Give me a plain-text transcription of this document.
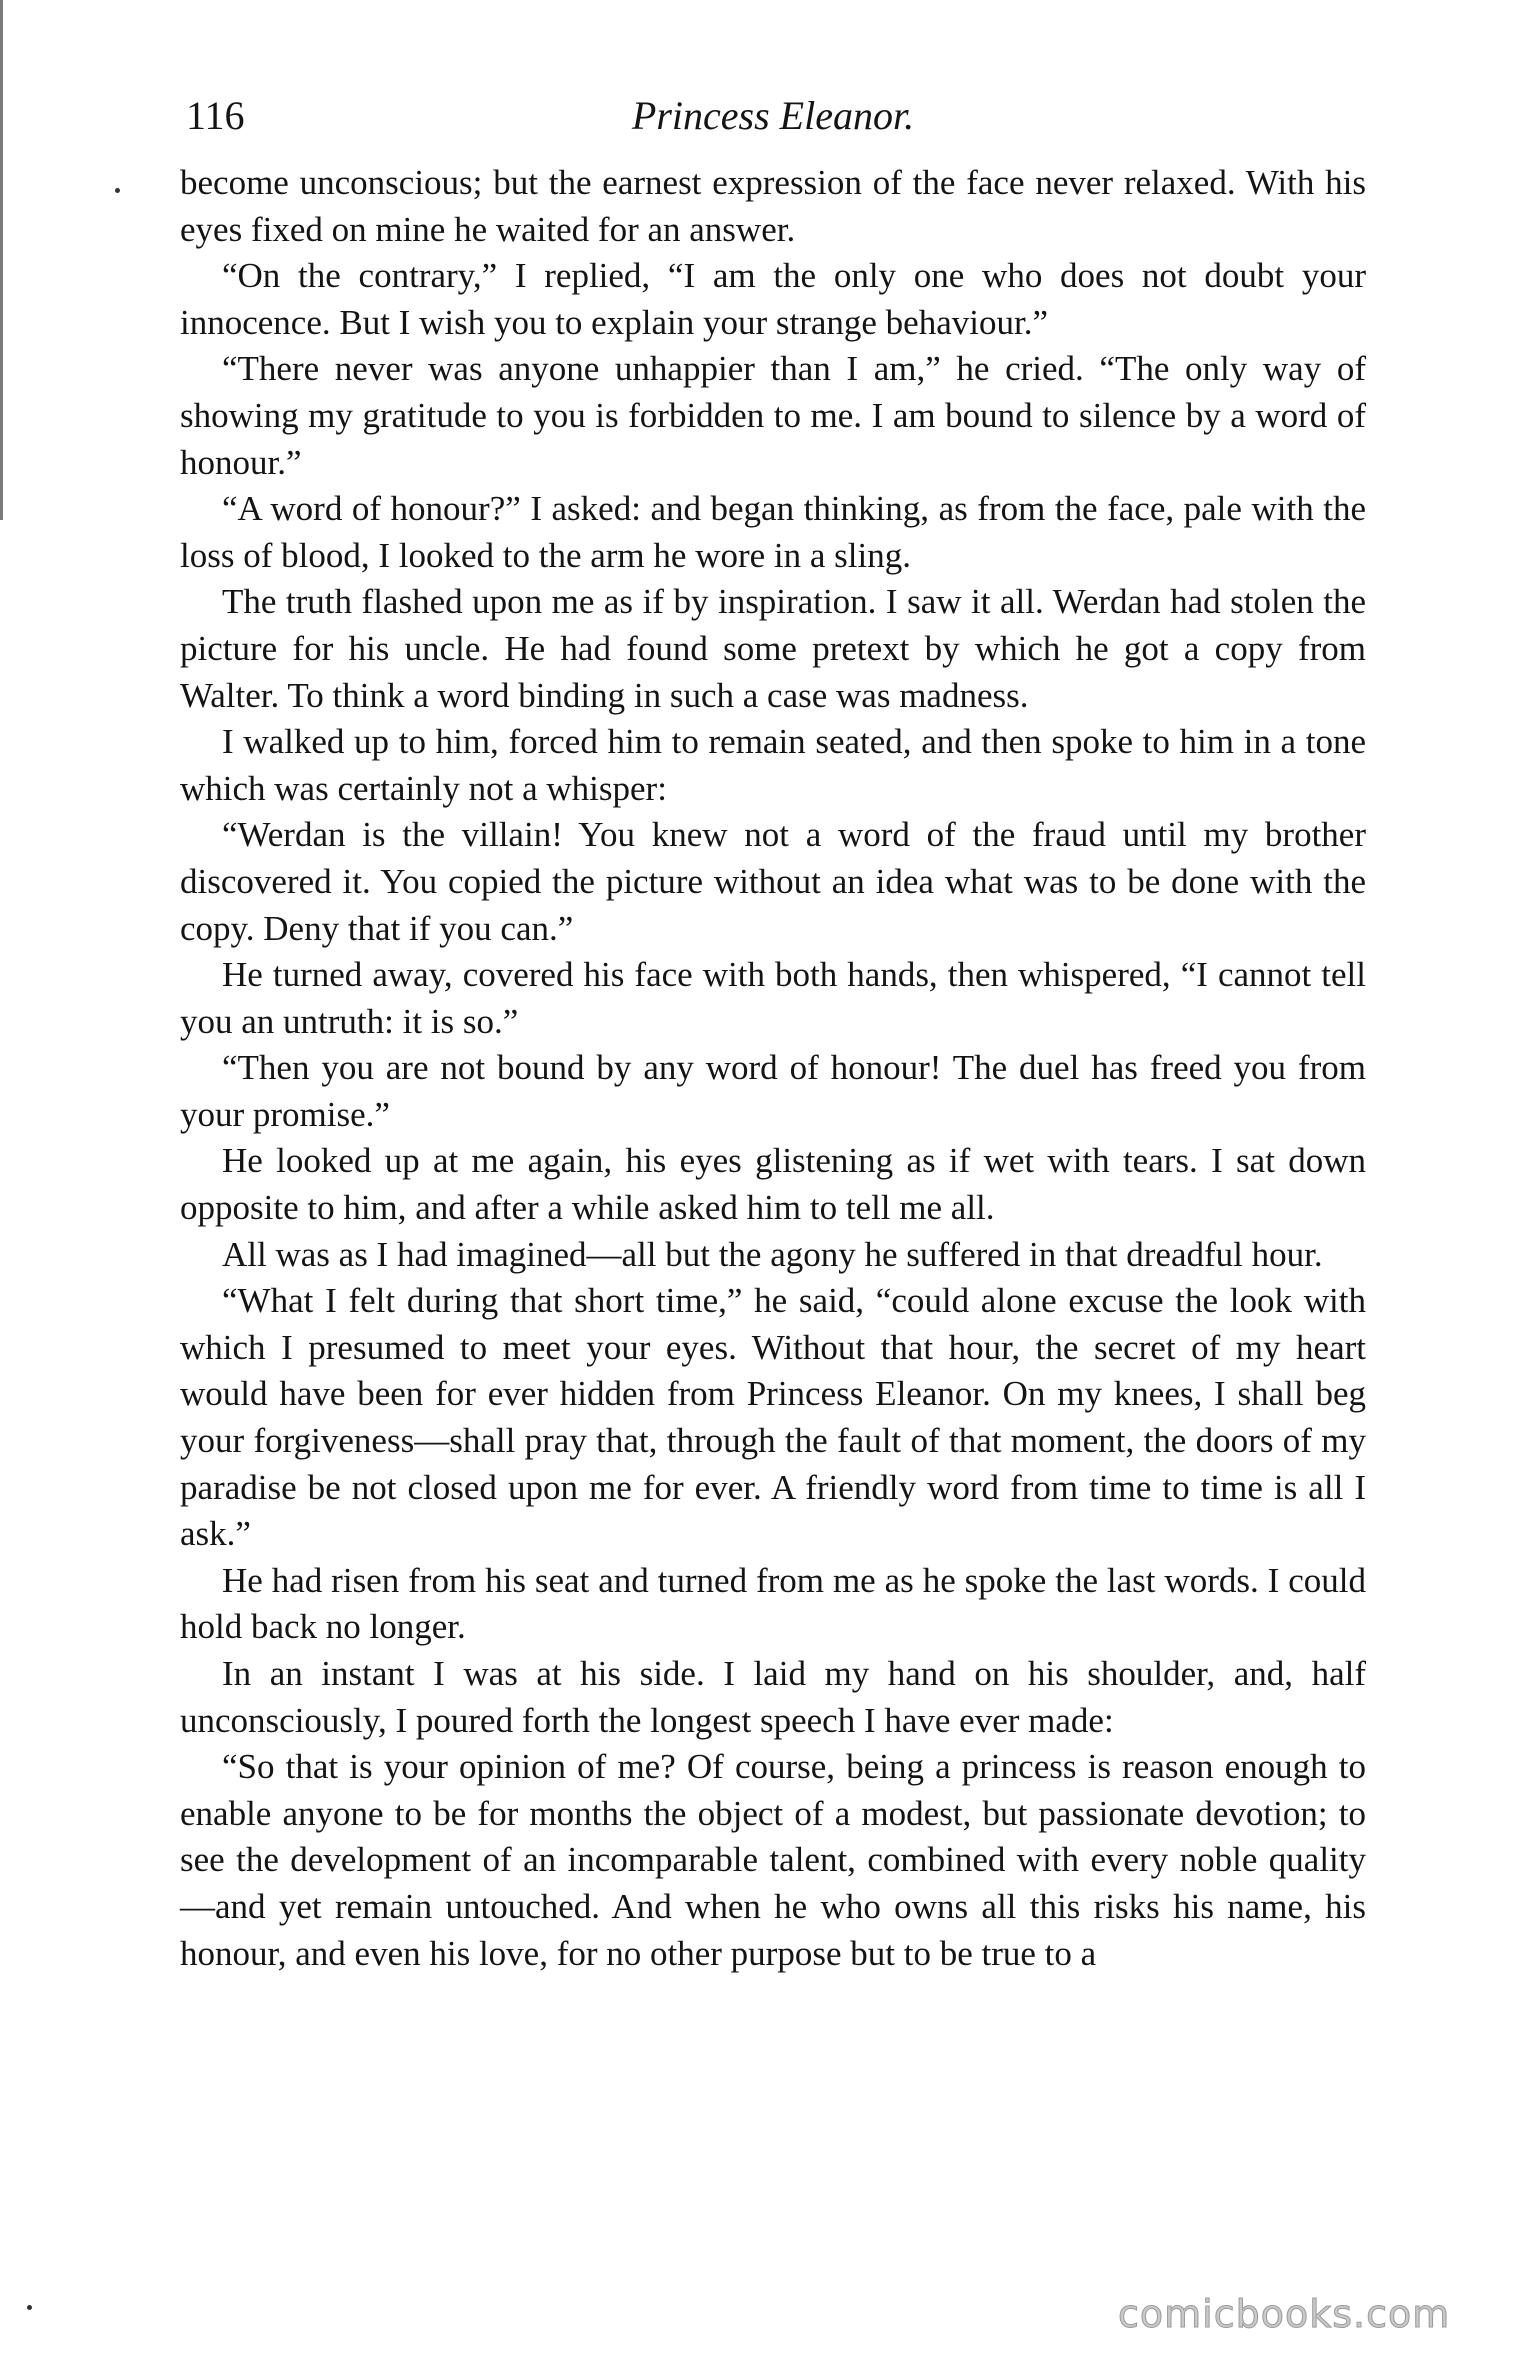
116	Princess Eleanor.

become unconscious; but the earnest expression of the face never relaxed. With his eyes fixed on mine he waited for an answer.

“On the contrary,” I replied, “I am the only one who does not doubt your innocence. But I wish you to explain your strange behaviour.”

“There never was anyone unhappier than I am,” he cried. “The only way of showing my gratitude to you is forbidden to me. I am bound to silence by a word of honour.”

“A word of honour?” I asked: and began thinking, as from the face, pale with the loss of blood, I looked to the arm he wore in a sling.

The truth flashed upon me as if by inspiration. I saw it all. Werdan had stolen the picture for his uncle. He had found some pretext by which he got a copy from Walter. To think a word binding in such a case was madness.

I walked up to him, forced him to remain seated, and then spoke to him in a tone which was certainly not a whisper:

“Werdan is the villain! You knew not a word of the fraud until my brother discovered it. You copied the picture without an idea what was to be done with the copy. Deny that if you can.”

He turned away, covered his face with both hands, then whispered, “I cannot tell you an untruth: it is so.”

“Then you are not bound by any word of honour! The duel has freed you from your promise.”

He looked up at me again, his eyes glistening as if wet with tears. I sat down opposite to him, and after a while asked him to tell me all.

All was as I had imagined—all but the agony he suffered in that dreadful hour.

“What I felt during that short time,” he said, “could alone excuse the look with which I presumed to meet your eyes. Without that hour, the secret of my heart would have been for ever hidden from Princess Eleanor. On my knees, I shall beg your forgiveness—shall pray that, through the fault of that moment, the doors of my paradise be not closed upon me for ever. A friendly word from time to time is all I ask.”

He had risen from his seat and turned from me as he spoke the last words. I could hold back no longer.

In an instant I was at his side. I laid my hand on his shoulder, and, half unconsciously, I poured forth the longest speech I have ever made:

“So that is your opinion of me? Of course, being a princess is reason enough to enable anyone to be for months the object of a modest, but passionate devotion; to see the development of an incomparable talent, combined with every noble quality—and yet remain untouched. And when he who owns all this risks his name, his honour, and even his love, for no other purpose but to be true to a

comicbooks.com
